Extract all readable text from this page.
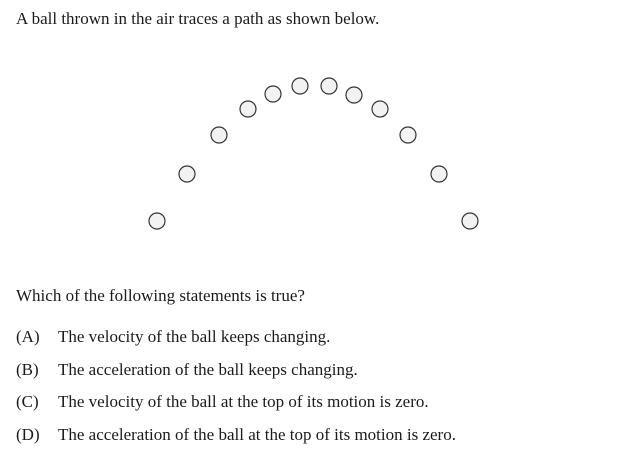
A ball thrown in the air traces a path as shown below.
Which of the following statements is true?
(A)	The velocity of the ball keeps changing.
(B)	The acceleration of the ball keeps changing.
(C)	The velocity of the ball at the top of its motion is zero.
(D)	The acceleration of the ball at the top of its motion is zero.
